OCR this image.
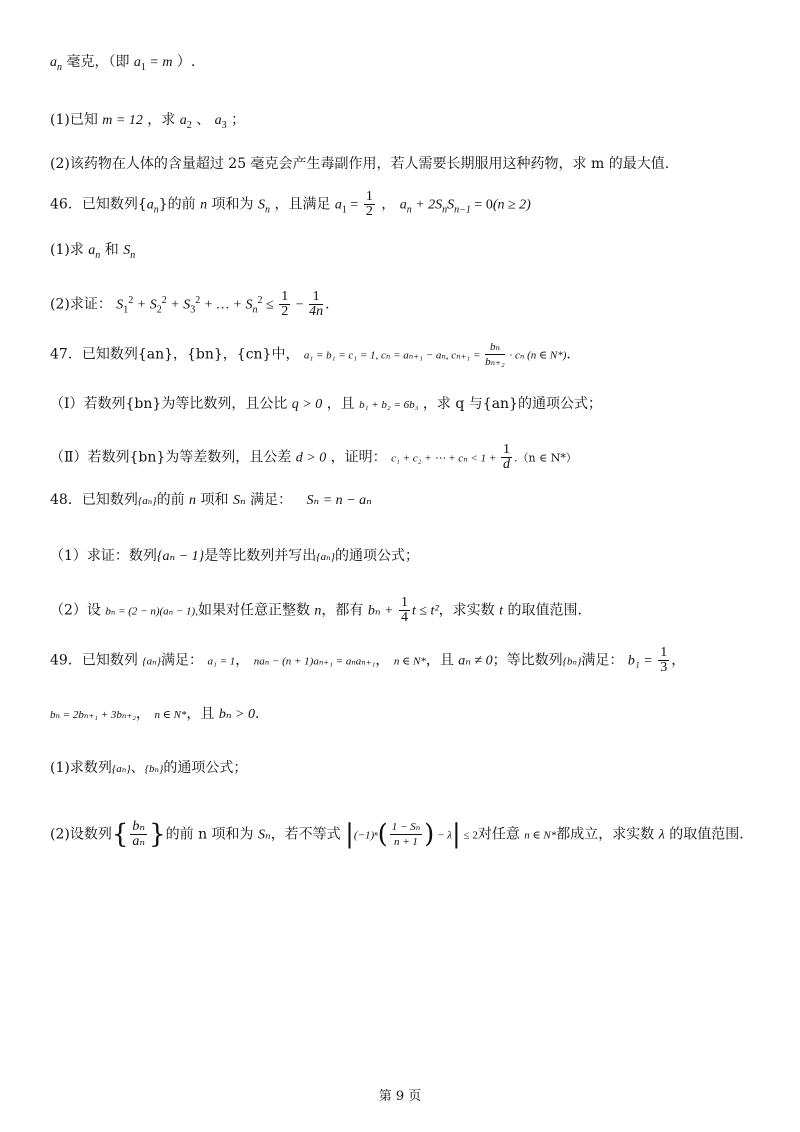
$a_n$ 毫克，（即 $a_1 = m$ ）.
(1)已知 m = 12 ，求 $a_2$ 、 $a_3$ ；
(2)该药物在人体的含量超过 25 毫克会产生毒副作用，若人需要长期服用这种药物，求 m 的最大值.
46．已知数列$\{a_n\}$的前 n 项和为 $S_n$ ，且满足 $a_1 = \frac{1}{2}$ ， $a_n + 2S_nS_{n-1} = 0(n \ge 2)$
(1)求 $a_n$ 和 $S_n$
(2)求证： $S_1^2 + S_2^2 + S_3^2$ + … + $S_n^2 \le \frac{1}{2} - \frac{1}{4n}$ .
47．已知数列{an}，{bn}，{cn}中， a₁ = b₁ = c₁ = 1, cₙ = aₙ₊₁ − aₙ, $c_{n+1} = \frac{\text{bₙ}}{\text{bₙ₊₂}} \cdot c_n$ (n ∈ N*).
（Ⅰ）若数列{bn}为等比数列，且公比 q > 0 ，且 b₁ + b₂ = 6b₃ ，求 q 与{an}的通项公式；
（Ⅱ）若数列{bn}为等差数列，且公差 d > 0 ，证明： c₁ + c₂ + ⋯ + $c_n < 1 + \frac{1}{d} .(n$ ∈ N*）
48．已知数列{aₙ}的前 n 项和 Sₙ 满足： Sₙ = n − aₙ
（1）求证：数列{aₙ − 1}是等比数列并写出{aₙ}的通项公式；
（2）设 bₙ = (2 − n)(aₙ − 1),如果对任意正整数 n，都有 $b_n + \frac{1}{4}$ t ≤ t²，求实数 t 的取值范围.
49．已知数列 {aₙ}满足： a₁ = 1， naₙ − (n + 1)aₙ₊₁ = aₙaₙ₊₁， n ∈ N*，且 aₙ ≠ 0；等比数列{bₙ}满足： $b_1 = \frac{1}{3}$ ，
bₙ = 2bₙ₊₁ + 3bₙ₊₂， n ∈ N*，且 bₙ > 0.
(1)求数列{aₙ}、{bₙ}的通项公式；
(2)设数列{ $\frac{\text{bₙ}}{\text{aₙ}}$ }的前 n 项和为 Sₙ，若不等式 $|(-1)^n( \frac{\text{1 − Sₙ}}{n + 1}$ ) − λ| ≤ 2对任意 n ∈ N*都成立，求实数 λ 的取值范围.
第 9 页
